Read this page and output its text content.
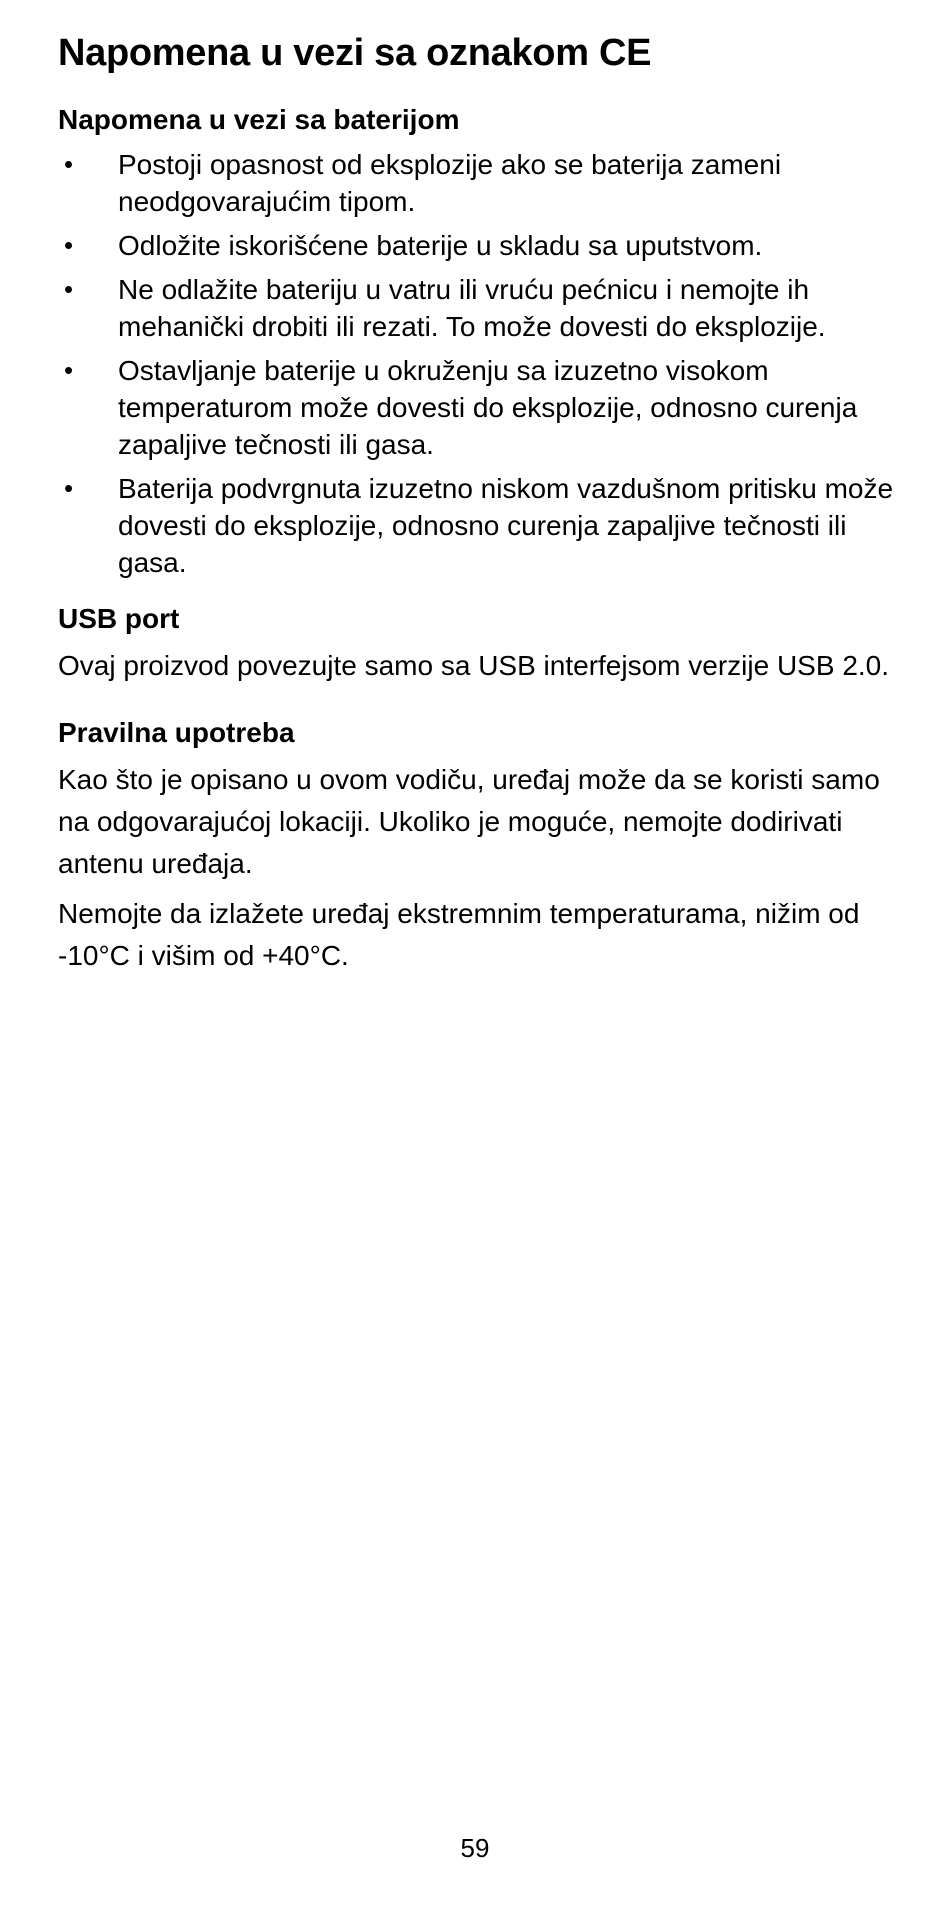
Napomena u vezi sa oznakom CE
Napomena u vezi sa baterijom
• Postoji opasnost od eksplozije ako se baterija zameni neodgovarajućim tipom.
• Odložite iskorišćene baterije u skladu sa uputstvom.
• Ne odlažite bateriju u vatru ili vruću pećnicu i nemojte ih mehanički drobiti ili rezati. To može dovesti do eksplozije.
• Ostavljanje baterije u okruženju sa izuzetno visokom temperaturom može dovesti do eksplozije, odnosno curenja zapaljive tečnosti ili gasa.
• Baterija podvrgnuta izuzetno niskom vazdušnom pritisku može dovesti do eksplozije, odnosno curenja zapaljive tečnosti ili gasa.
USB port

Ovaj proizvod povezujte samo sa USB interfejsom verzije USB 2.0.

Pravilna upotreba

Kao što je opisano u ovom vodiču, uređaj može da se koristi samo na odgovarajućoj lokaciji. Ukoliko je moguće, nemojte dodirivati antenu uređaja.

Nemojte da izlažete uređaj ekstremnim temperaturama, nižim od -10°C i višim od +40°C.

59
